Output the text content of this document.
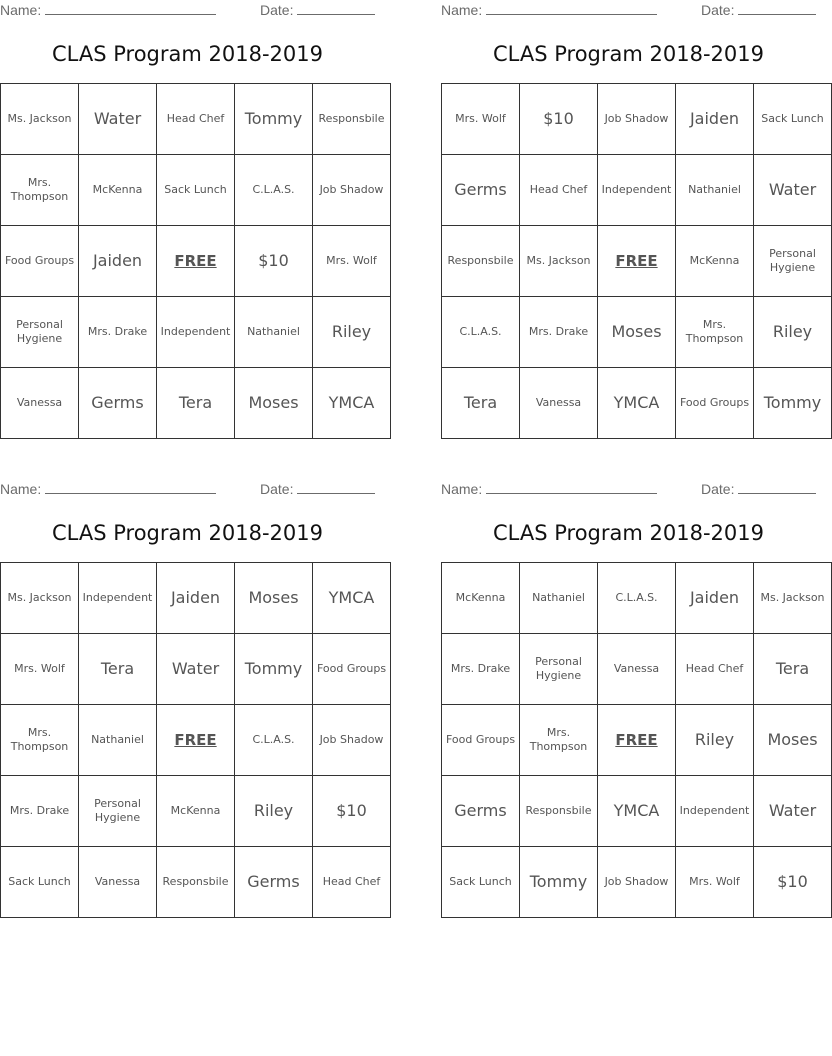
Name:	Date:
CLAS Program 2018-2019
Ms. Jackson	Water	Head Chef	Tommy	Responsbile
Mrs. Thompson	McKenna	Sack Lunch	C.L.A.S.	Job Shadow
Food Groups	Jaiden	FREE	$10	Mrs. Wolf
Personal Hygiene	Mrs. Drake	Independent	Nathaniel	Riley
Vanessa	Germs	Tera	Moses	YMCA
Name:	Date:
CLAS Program 2018-2019
Mrs. Wolf	$10	Job Shadow	Jaiden	Sack Lunch
Germs	Head Chef	Independent	Nathaniel	Water
Responsbile	Ms. Jackson	FREE	McKenna	Personal Hygiene
C.L.A.S.	Mrs. Drake	Moses	Mrs. Thompson	Riley
Tera	Vanessa	YMCA	Food Groups	Tommy
Name:	Date:
CLAS Program 2018-2019
Ms. Jackson	Independent	Jaiden	Moses	YMCA
Mrs. Wolf	Tera	Water	Tommy	Food Groups
Mrs. Thompson	Nathaniel	FREE	C.L.A.S.	Job Shadow
Mrs. Drake	Personal Hygiene	McKenna	Riley	$10
Sack Lunch	Vanessa	Responsbile	Germs	Head Chef
Name:	Date:
CLAS Program 2018-2019
McKenna	Nathaniel	C.L.A.S.	Jaiden	Ms. Jackson
Mrs. Drake	Personal Hygiene	Vanessa	Head Chef	Tera
Food Groups	Mrs. Thompson	FREE	Riley	Moses
Germs	Responsbile	YMCA	Independent	Water
Sack Lunch	Tommy	Job Shadow	Mrs. Wolf	$10
